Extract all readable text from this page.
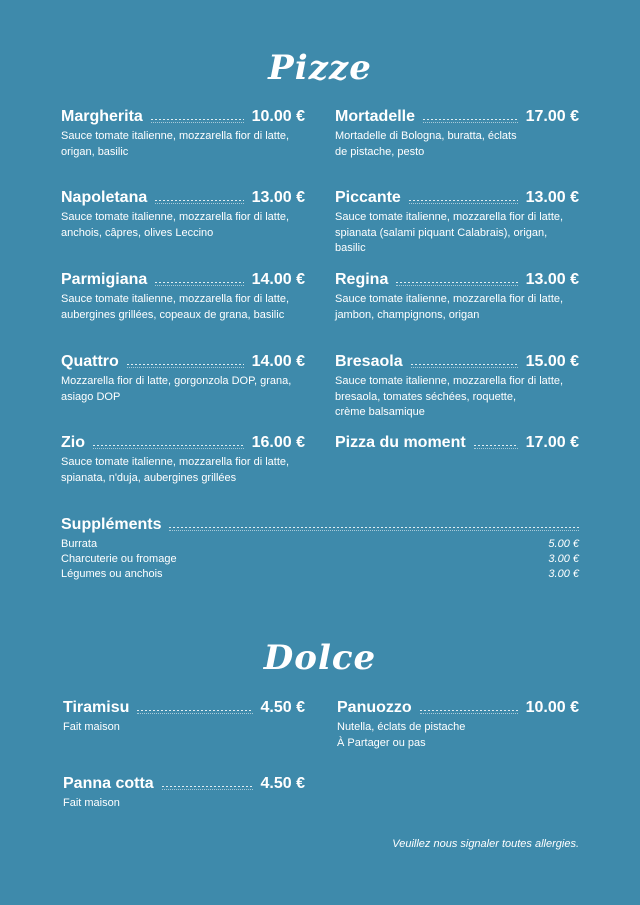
Pizze
Margherita	10.00 €
Sauce tomate italienne, mozzarella fior di latte,
origan, basilic
Mortadelle	17.00 €
Mortadelle di Bologna, buratta, éclats
de pistache, pesto
Napoletana	13.00 €
Sauce tomate italienne, mozzarella fior di latte,
anchois, câpres, olives Leccino
Piccante	13.00 €
Sauce tomate italienne, mozzarella fior di latte,
spianata (salami piquant Calabrais), origan, basilic
Parmigiana	14.00 €
Sauce tomate italienne, mozzarella fior di latte,
aubergines grillées, copeaux de grana, basilic
Regina	13.00 €
Sauce tomate italienne, mozzarella fior di latte,
jambon, champignons, origan
Quattro	14.00 €
Mozzarella fior di latte, gorgonzola DOP, grana,
asiago DOP
Bresaola	15.00 €
Sauce tomate italienne, mozzarella fior di latte,
bresaola, tomates séchées, roquette,
crème balsamique
Zio	16.00 €
Sauce tomate italienne, mozzarella fior di latte,
spianata, n'duja, aubergines grillées
Pizza du moment	17.00 €
Suppléments
Burrata	5.00 €
Charcuterie ou fromage	3.00 €
Légumes ou anchois	3.00 €
Dolce
Tiramisu	4.50 €
Fait maison
Panuozzo	10.00 €
Nutella, éclats de pistache
À Partager ou pas
Panna cotta	4.50 €
Fait maison
Veuillez nous signaler toutes allergies.
